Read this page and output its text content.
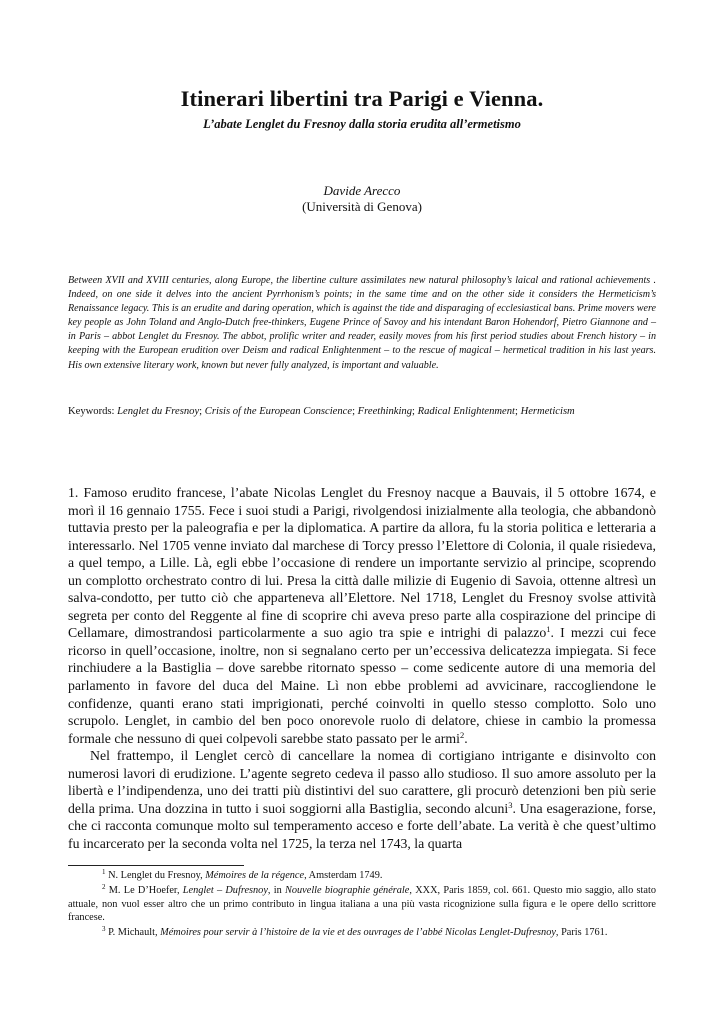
Itinerari libertini tra Parigi e Vienna.
L’abate Lenglet du Fresnoy dalla storia erudita all’ermetismo

Davide Arecco

(Università di Genova)

Between XVII and XVIII centuries, along Europe, the libertine culture assimilates new natural philosophy’s laical and rational achievements . Indeed, on one side it delves into the ancient Pyrrhonism’s points; in the same time and on the other side it considers the Hermeticism’s Renaissance legacy. This is an erudite and daring operation, which is against the tide and disparaging of ecclesiastical bans. Prime movers were key people as John Toland and Anglo-Dutch free-thinkers, Eugene Prince of Savoy and his intendant Baron Hohendorf, Pietro Giannone and – in Paris – abbot Lenglet du Fresnoy. The abbot, prolific writer and reader, easily moves from his first period studies about French history – in keeping with the European erudition over Deism and radical Enlightenment – to the rescue of magical – hermetical tradition in his last years. His own extensive literary work, known but never fully analyzed, is important and valuable.

Keywords: Lenglet du Fresnoy; Crisis of the European Conscience; Freethinking; Radical Enlightenment; Hermeticism

1. Famoso erudito francese, l’abate Nicolas Lenglet du Fresnoy nacque a Bauvais, il 5 ottobre 1674, e morì il 16 gennaio 1755. Fece i suoi studi a Parigi, rivolgendosi inizialmente alla teologia, che abbandonò tuttavia presto per la paleografia e per la diplomatica. A partire da allora, fu la storia politica e letteraria a interessarlo. Nel 1705 venne inviato dal marchese di Torcy presso l’Elettore di Colonia, il quale risiedeva, a quel tempo, a Lille. Là, egli ebbe l’occasione di rendere un importante servizio al principe, scoprendo un complotto orchestrato contro di lui. Presa la città dalle milizie di Eugenio di Savoia, ottenne altresì un salva-condotto, per tutto ciò che apparteneva all’Elettore. Nel 1718, Lenglet du Fresnoy svolse attività segreta per conto del Reggente al fine di scoprire chi aveva preso parte alla cospirazione del principe di Cellamare, dimostrandosi particolarmente a suo agio tra spie e intrighi di palazzo$^1$. I mezzi cui fece ricorso in quell’occasione, inoltre, non si segnalano certo per un’eccessiva delicatezza impiegata. Si fece rinchiudere a la Bastiglia – dove sarebbe ritornato spesso – come sedicente autore di una memoria del parlamento in favore del duca del Maine. Lì non ebbe problemi ad avvicinare, raccogliendone le confidenze, quanti erano stati imprigionati, perché coinvolti in quello stesso complotto. Solo uno scrupolo. Lenglet, in cambio del ben poco onorevole ruolo di delatore, chiese in cambio la promessa formale che nessuno di quei colpevoli sarebbe stato passato per le armi$^2$.

Nel frattempo, il Lenglet cercò di cancellare la nomea di cortigiano intrigante e disinvolto con numerosi lavori di erudizione. L’agente segreto cedeva il passo allo studioso. Il suo amore assoluto per la libertà e l’indipendenza, uno dei tratti più distintivi del suo carattere, gli procurò detenzioni ben più serie della prima. Una dozzina in tutto i suoi soggiorni alla Bastiglia, secondo alcuni$^3$. Una esagerazione, forse, che ci racconta comunque molto sul temperamento acceso e forte dell’abate. La verità è che quest’ultimo fu incarcerato per la seconda volta nel 1725, la terza nel 1743, la quarta

$^1$ N. Lenglet du Fresnoy, Mémoires de la régence, Amsterdam 1749.

$^2$ M. Le D’Hoefer, Lenglet – Dufresnoy, in Nouvelle biographie générale, XXX, Paris 1859, col. 661. Questo mio saggio, allo stato attuale, non vuol esser altro che un primo contributo in lingua italiana a una più vasta ricognizione sulla figura e le opere dello scrittore francese.

$^3$ P. Michault, Mémoires pour servir à l’histoire de la vie et des ouvrages de l’abbé Nicolas Lenglet-Dufresnoy, Paris 1761.
